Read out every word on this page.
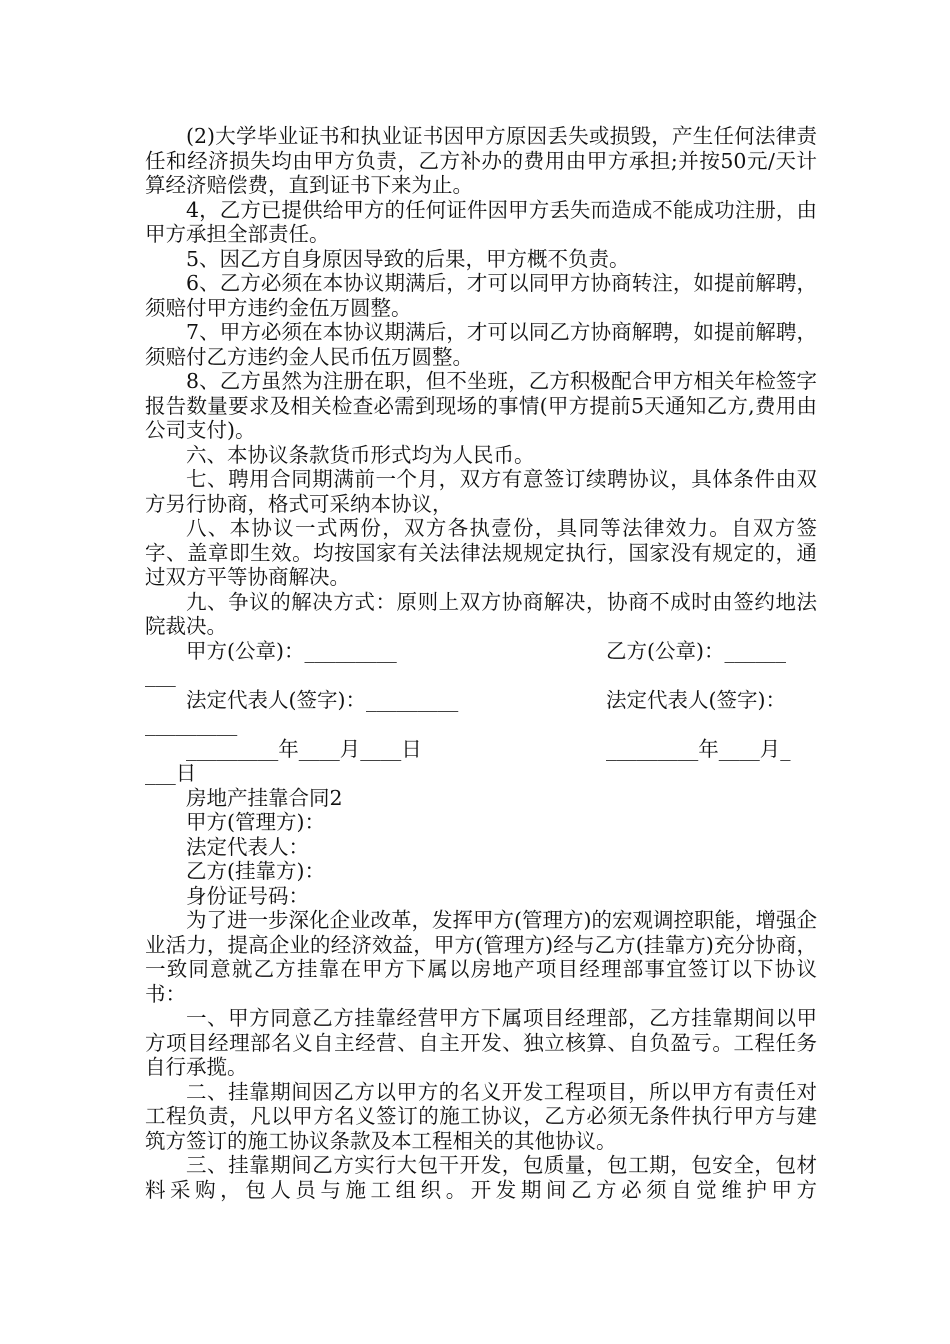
(2)大学毕业证书和执业证书因甲方原因丢失或损毁，产生任何法律责任和经济损失均由甲方负责，乙方补办的费用由甲方承担;并按50元/天计算经济赔偿费，直到证书下来为止。

4，乙方已提供给甲方的任何证件因甲方丢失而造成不能成功注册，由甲方承担全部责任。

5、因乙方自身原因导致的后果，甲方概不负责。

6、乙方必须在本协议期满后，才可以同甲方协商转注，如提前解聘，须赔付甲方违约金伍万圆整。

7、甲方必须在本协议期满后，才可以同乙方协商解聘，如提前解聘，须赔付乙方违约金人民币伍万圆整。

8、乙方虽然为注册在职，但不坐班，乙方积极配合甲方相关年检签字报告数量要求及相关检查必需到现场的事情(甲方提前5天通知乙方,费用由公司支付)。

六、本协议条款货币形式均为人民币。

七、聘用合同期满前一个月，双方有意签订续聘协议，具体条件由双方另行协商，格式可采纳本协议，

八、本协议一式两份，双方各执壹份，具同等法律效力。自双方签字、盖章即生效。均按国家有关法律法规规定执行，国家没有规定的，通过双方平等协商解决。

九、争议的解决方式：原则上双方协商解决，协商不成时由签约地法院裁决。

甲方(公章)：_________	乙方(公章)：______
___
法定代表人(签字)：_________	法定代表人(签字)：
_________
_________年____月____日	_________年____月_
___日

房地产挂靠合同2

甲方(管理方)：

法定代表人：

乙方(挂靠方)：

身份证号码：

为了进一步深化企业改革，发挥甲方(管理方)的宏观调控职能，增强企业活力，提高企业的经济效益，甲方(管理方)经与乙方(挂靠方)充分协商，一致同意就乙方挂靠在甲方下属以房地产项目经理部事宜签订以下协议书：

一、甲方同意乙方挂靠经营甲方下属项目经理部，乙方挂靠期间以甲方项目经理部名义自主经营、自主开发、独立核算、自负盈亏。工程任务自行承揽。

二、挂靠期间因乙方以甲方的名义开发工程项目，所以甲方有责任对工程负责，凡以甲方名义签订的施工协议，乙方必须无条件执行甲方与建筑方签订的施工协议条款及本工程相关的其他协议。

三、挂靠期间乙方实行大包干开发，包质量，包工期，包安全，包材料采购，包人员与施工组织。开发期间乙方必须自觉维护甲方
